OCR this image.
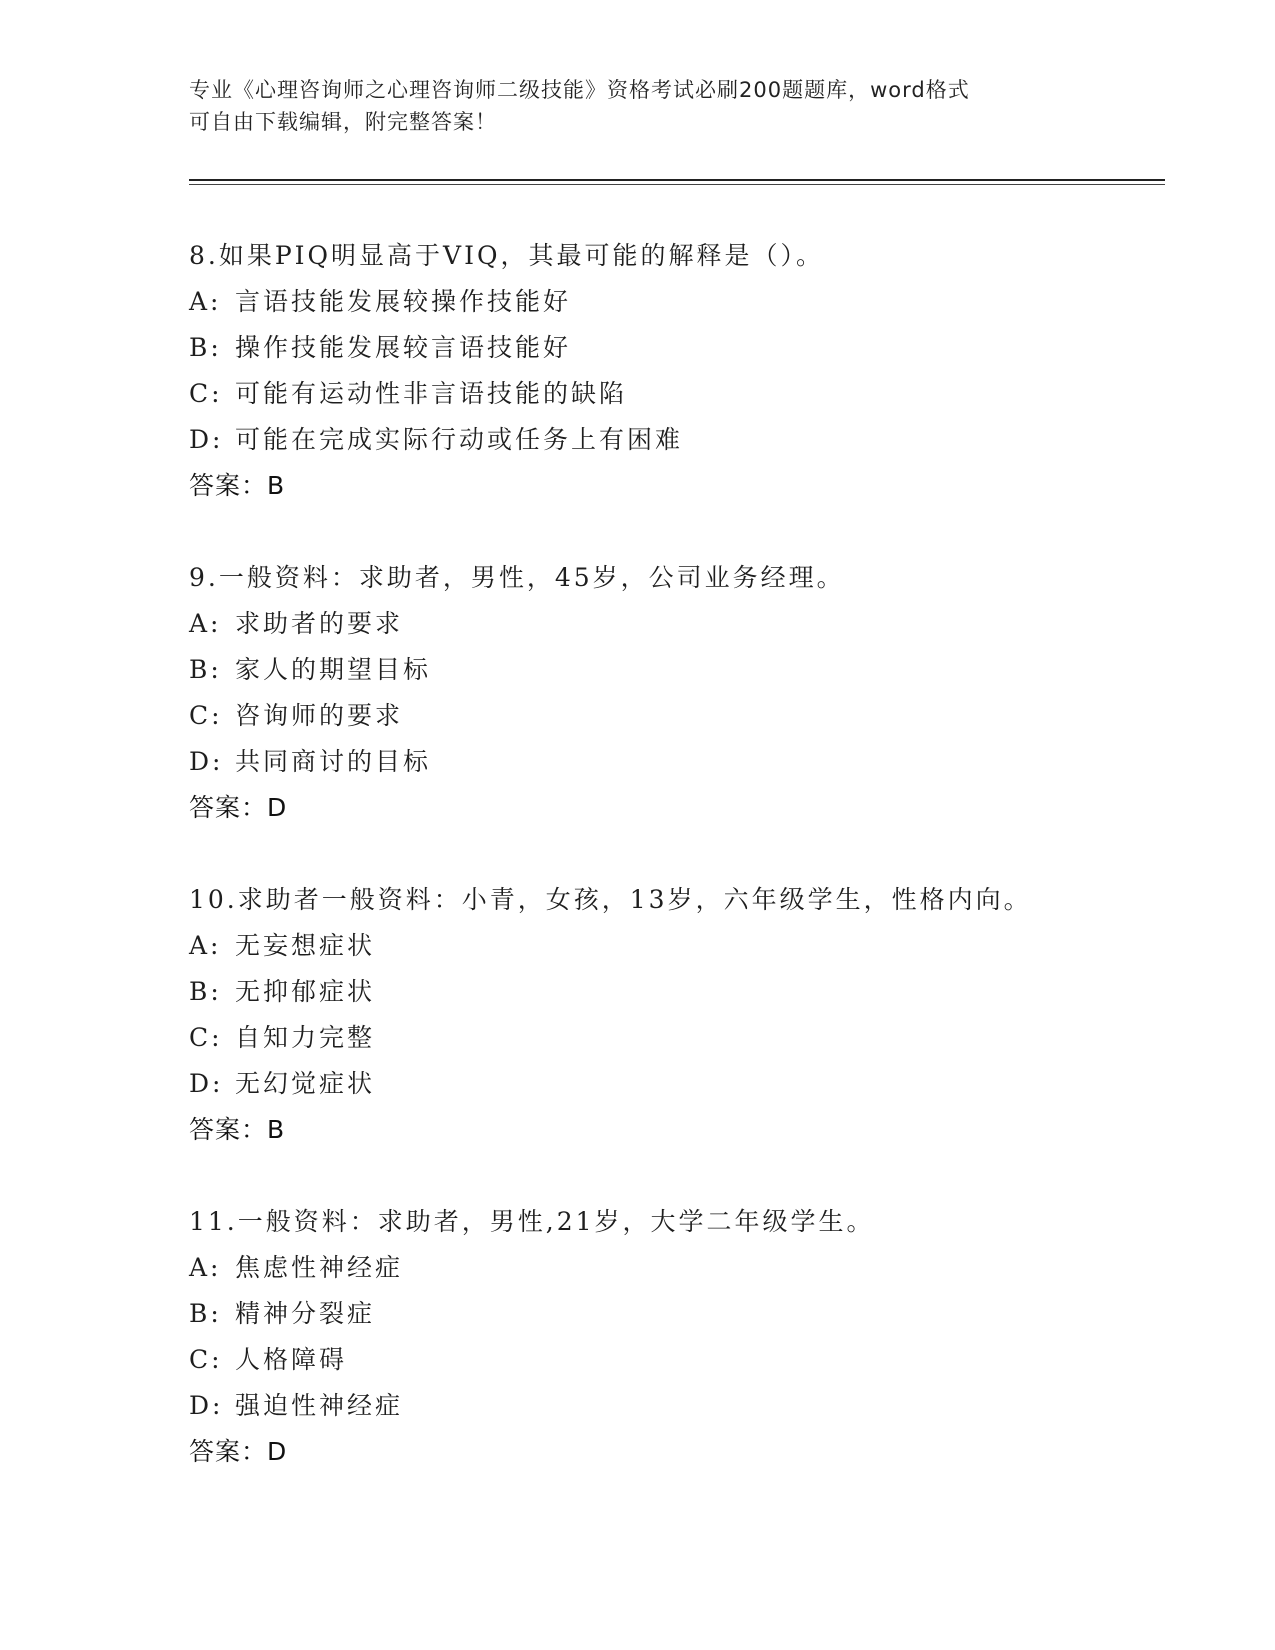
专业《心理咨询师之心理咨询师二级技能》资格考试必刷200题题库，word格式
可自由下载编辑，附完整答案！
8.如果PIQ明显高于VIQ，其最可能的解释是（）。
A: 言语技能发展较操作技能好
B: 操作技能发展较言语技能好
C: 可能有运动性非言语技能的缺陷
D: 可能在完成实际行动或任务上有困难
答案：B
9.一般资料：求助者，男性，45岁，公司业务经理。
A: 求助者的要求
B: 家人的期望目标
C: 咨询师的要求
D: 共同商讨的目标
答案：D
10.求助者一般资料：小青，女孩，13岁，六年级学生，性格内向。
A: 无妄想症状
B: 无抑郁症状
C: 自知力完整
D: 无幻觉症状
答案：B
11.一般资料：求助者，男性,21岁，大学二年级学生。
A: 焦虑性神经症
B: 精神分裂症
C: 人格障碍
D: 强迫性神经症
答案：D
